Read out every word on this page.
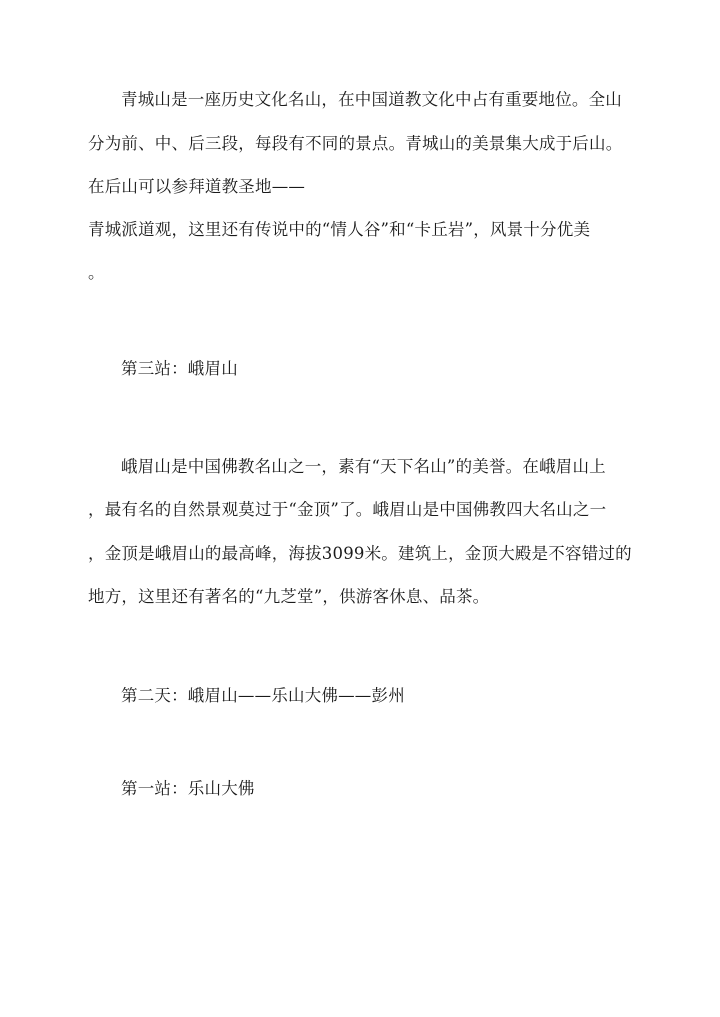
青城山是一座历史文化名山，在中国道教文化中占有重要地位。全山
分为前、中、后三段，每段有不同的景点。青城山的美景集大成于后山。
在后山可以参拜道教圣地——
青城派道观，这里还有传说中的“情人谷”和“卡丘岩”，风景十分优美
。
第三站：峨眉山
峨眉山是中国佛教名山之一，素有“天下名山”的美誉。在峨眉山上
，最有名的自然景观莫过于“金顶”了。峨眉山是中国佛教四大名山之一
，金顶是峨眉山的最高峰，海拔3099米。建筑上，金顶大殿是不容错过的
地方，这里还有著名的“九芝堂”，供游客休息、品茶。
第二天：峨眉山——乐山大佛——彭州
第一站：乐山大佛
